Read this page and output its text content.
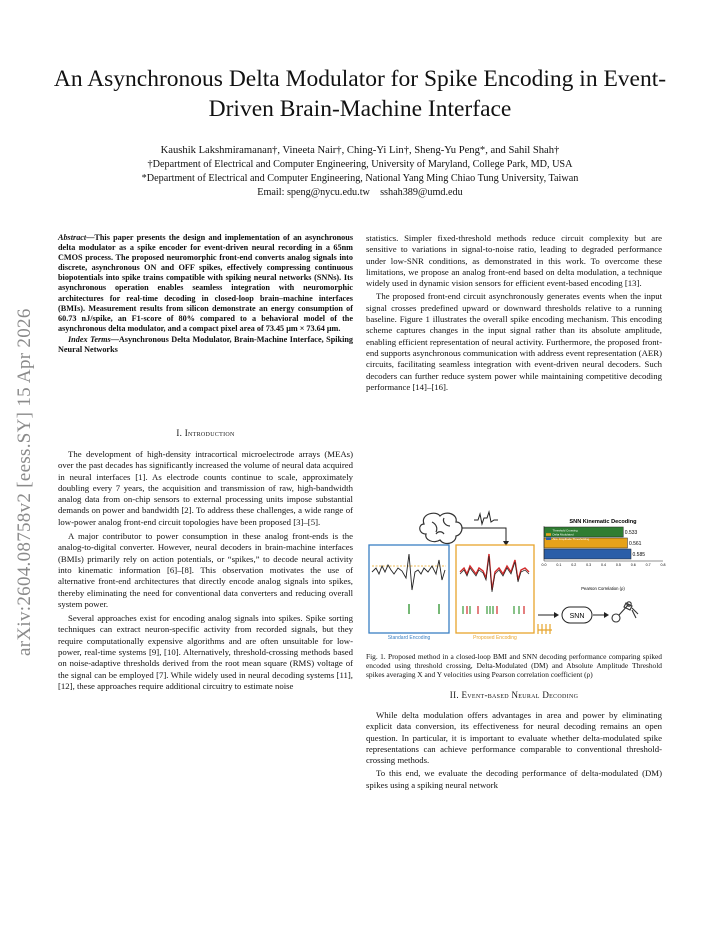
arXiv:2604.08758v2 [eess.SY] 15 Apr 2026
An Asynchronous Delta Modulator for Spike Encoding in Event-Driven Brain-Machine Interface
Kaushik Lakshmiramanan†, Vineeta Nair†, Ching-Yi Lin†, Sheng-Yu Peng*, and Sahil Shah†
†Department of Electrical and Computer Engineering, University of Maryland, College Park, MD, USA
*Department of Electrical and Computer Engineering, National Yang Ming Chiao Tung University, Taiwan
Email: speng@nycu.edu.tw    sshah389@umd.edu

Abstract—This paper presents the design and implementation of an asynchronous delta modulator as a spike encoder for event-driven neural recording in a 65nm CMOS process. The proposed neuromorphic front-end converts analog signals into discrete, asynchronous ON and OFF spikes, effectively compressing continuous biopotentials into spike trains compatible with spiking neural networks (SNNs). Its asynchronous operation enables seamless integration with neuromorphic architectures for real-time decoding in closed-loop brain–machine interfaces (BMIs). Measurement results from silicon demonstrate an energy consumption of 60.73 nJ/spike, an F1-score of 80% compared to a behavioral model of the asynchronous delta modulator, and a compact pixel area of 73.45 μm × 73.64 μm.

Index Terms—Asynchronous Delta Modulator, Brain-Machine Interface, Spiking Neural Networks

I. Introduction

The development of high-density intracortical microelectrode arrays (MEAs) over the past decades has significantly increased the volume of neural data acquired in neural interfaces [1]. As electrode counts continue to scale, approximately doubling every 7 years, the acquisition and transmission of raw, high-bandwidth analog data from on-chip sensors to external processing units impose substantial demands on power and bandwidth [2]. To address these challenges, a wide range of low-power analog front-end circuit topologies have been proposed [3]–[5].

A major contributor to power consumption in these analog front-ends is the analog-to-digital converter. However, neural decoders in brain-machine interfaces (BMIs) primarily rely on action potentials, or “spikes,” to decode neural activity into kinematic information [6]–[8]. This observation motivates the use of alternative front-end architectures that directly encode analog signals into spikes, thereby eliminating the need for conventional data converters and reducing overall system power.

Several approaches exist for encoding analog signals into spikes. Spike sorting techniques can extract neuron-specific activity from recorded signals, but they require computationally expensive algorithms and are often unsuitable for low-power, real-time systems [9], [10]. Alternatively, threshold-crossing methods based on noise-adaptive thresholds derived from the root mean square (RMS) voltage of the signal can be employed [7]. While widely used in neural decoding systems [11], [12], these approaches require additional circuitry to estimate noise

statistics. Simpler fixed-threshold methods reduce circuit complexity but are sensitive to variations in signal-to-noise ratio, leading to degraded performance under low-SNR conditions, as demonstrated in this work. To overcome these limitations, we propose an analog front-end based on delta modulation, a technique widely used in dynamic vision sensors for efficient event-based encoding [13].

The proposed front-end circuit asynchronously generates events when the input signal crosses predefined upward or downward thresholds relative to a running baseline. Figure 1 illustrates the overall spike encoding mechanism. This encoding scheme captures changes in the input signal rather than its absolute amplitude, enabling efficient representation of neural activity. Furthermore, the proposed front-end supports asynchronous communication with address event representation (AER) circuits, facilitating seamless integration with event-driven neural decoders. Such decoders can further reduce system power while maintaining competitive decoding performance [14]–[16].

Standard Encoding	Proposed Encoding
SNN
SNN Kinematic Decoding
0.533
0.561
0.585
0.0	0.1	0.2	0.3	0.4	0.5	0.6	0.7	0.8
Threshold Crossing
Delta Modulated
Abs. Amplitude Thresholding
Pearson Correlation (ρ)
Fig. 1. Proposed method in a closed-loop BMI and SNN decoding performance comparing spiked encoded using threshold crossing, Delta-Modulated (DM) and Absolute Amplitude Threshold spikes averaging X and Y velocities using Pearson correlation coefficient (ρ)
II. Event-based Neural Decoding

While delta modulation offers advantages in area and power by eliminating explicit data conversion, its effectiveness for neural decoding remains an open question. In particular, it is important to evaluate whether delta-modulated spike representations can achieve performance comparable to conventional threshold-crossing methods.

To this end, we evaluate the decoding performance of delta-modulated (DM) spikes using a spiking neural network
